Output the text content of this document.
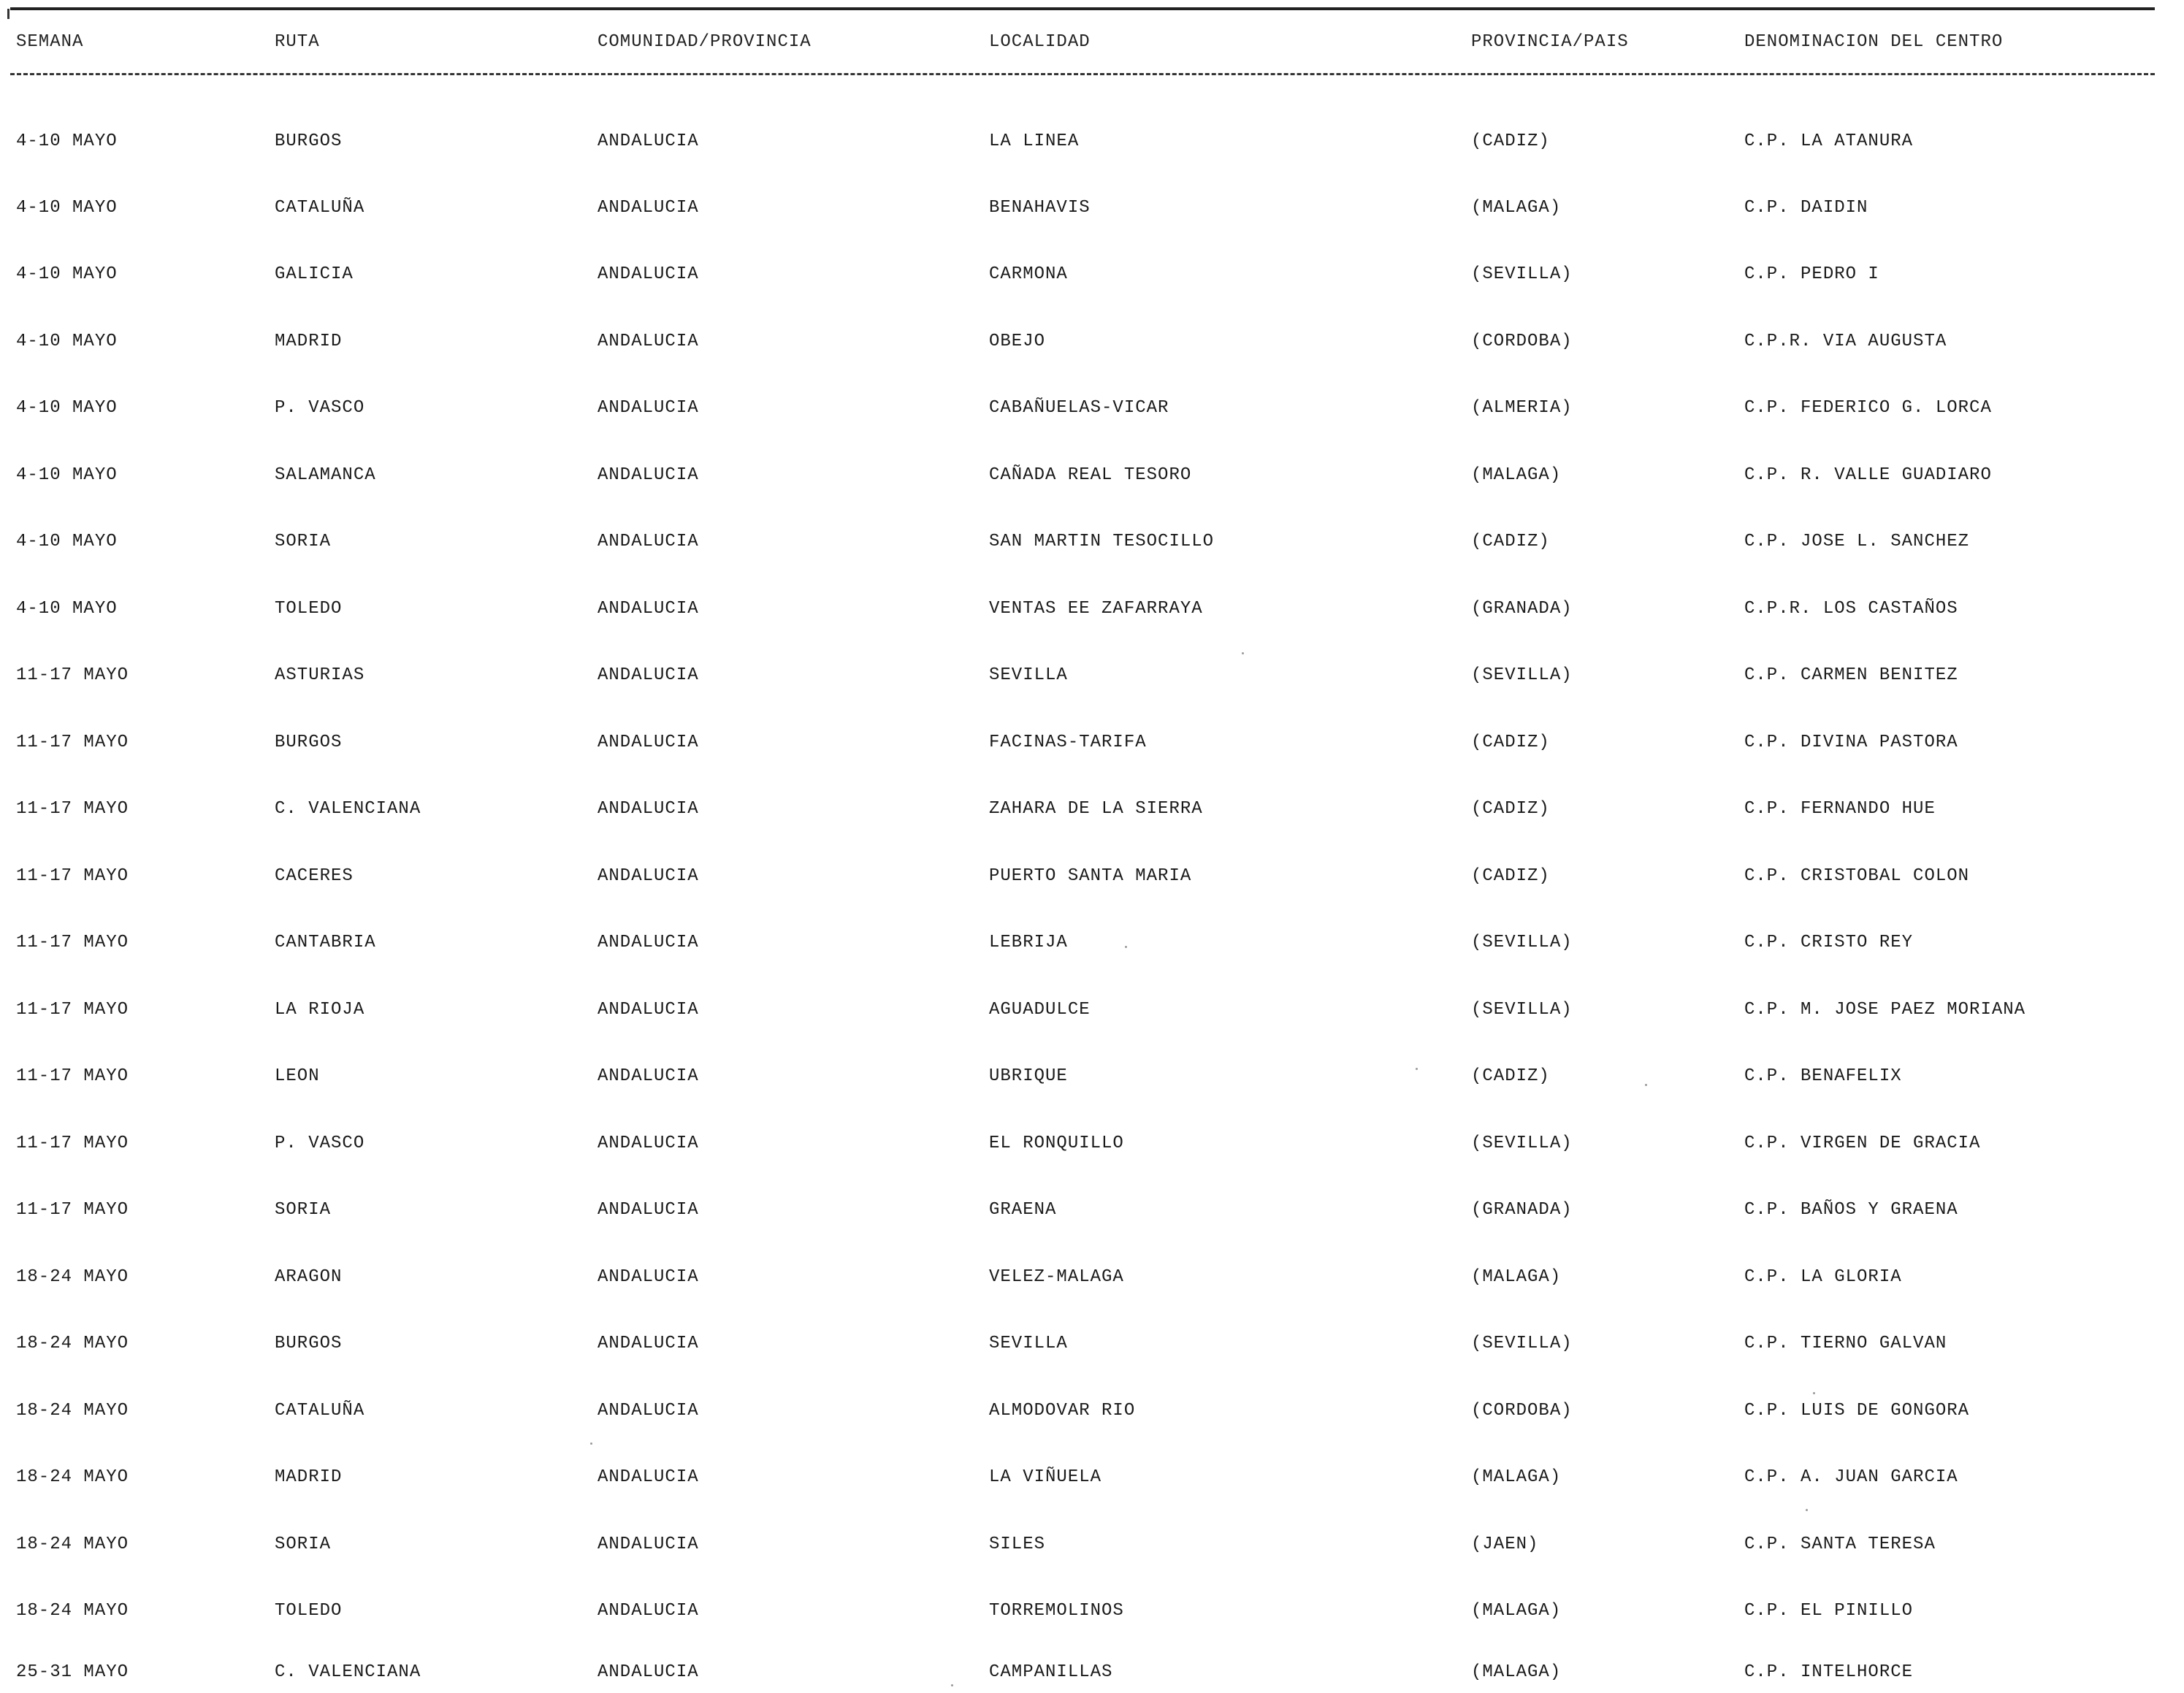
SEMANA	RUTA	COMUNIDAD/PROVINCIA	LOCALIDAD	PROVINCIA/PAIS	DENOMINACION DEL CENTRO
4-10 MAYO	BURGOS	ANDALUCIA	LA LINEA	(CADIZ)	C.P. LA ATANURA
4-10 MAYO	CATALUÑA	ANDALUCIA	BENAHAVIS	(MALAGA)	C.P. DAIDIN
4-10 MAYO	GALICIA	ANDALUCIA	CARMONA	(SEVILLA)	C.P. PEDRO I
4-10 MAYO	MADRID	ANDALUCIA	OBEJO	(CORDOBA)	C.P.R. VIA AUGUSTA
4-10 MAYO	P. VASCO	ANDALUCIA	CABAÑUELAS-VICAR	(ALMERIA)	C.P. FEDERICO G. LORCA
4-10 MAYO	SALAMANCA	ANDALUCIA	CAÑADA REAL TESORO	(MALAGA)	C.P. R. VALLE GUADIARO
4-10 MAYO	SORIA	ANDALUCIA	SAN MARTIN TESOCILLO	(CADIZ)	C.P. JOSE L. SANCHEZ
4-10 MAYO	TOLEDO	ANDALUCIA	VENTAS EE ZAFARRAYA	(GRANADA)	C.P.R. LOS CASTAÑOS
11-17 MAYO	ASTURIAS	ANDALUCIA	SEVILLA	(SEVILLA)	C.P. CARMEN BENITEZ
11-17 MAYO	BURGOS	ANDALUCIA	FACINAS-TARIFA	(CADIZ)	C.P. DIVINA PASTORA
11-17 MAYO	C. VALENCIANA	ANDALUCIA	ZAHARA DE LA SIERRA	(CADIZ)	C.P. FERNANDO HUE
11-17 MAYO	CACERES	ANDALUCIA	PUERTO SANTA MARIA	(CADIZ)	C.P. CRISTOBAL COLON
11-17 MAYO	CANTABRIA	ANDALUCIA	LEBRIJA	(SEVILLA)	C.P. CRISTO REY
11-17 MAYO	LA RIOJA	ANDALUCIA	AGUADULCE	(SEVILLA)	C.P. M. JOSE PAEZ MORIANA
11-17 MAYO	LEON	ANDALUCIA	UBRIQUE	(CADIZ)	C.P. BENAFELIX
11-17 MAYO	P. VASCO	ANDALUCIA	EL RONQUILLO	(SEVILLA)	C.P. VIRGEN DE GRACIA
11-17 MAYO	SORIA	ANDALUCIA	GRAENA	(GRANADA)	C.P. BAÑOS Y GRAENA
18-24 MAYO	ARAGON	ANDALUCIA	VELEZ-MALAGA	(MALAGA)	C.P. LA GLORIA
18-24 MAYO	BURGOS	ANDALUCIA	SEVILLA	(SEVILLA)	C.P. TIERNO GALVAN
18-24 MAYO	CATALUÑA	ANDALUCIA	ALMODOVAR RIO	(CORDOBA)	C.P. LUIS DE GONGORA
18-24 MAYO	MADRID	ANDALUCIA	LA VIÑUELA	(MALAGA)	C.P. A. JUAN GARCIA
18-24 MAYO	SORIA	ANDALUCIA	SILES	(JAEN)	C.P. SANTA TERESA
18-24 MAYO	TOLEDO	ANDALUCIA	TORREMOLINOS	(MALAGA)	C.P. EL PINILLO
25-31 MAYO	C. VALENCIANA	ANDALUCIA	CAMPANILLAS	(MALAGA)	C.P. INTELHORCE
